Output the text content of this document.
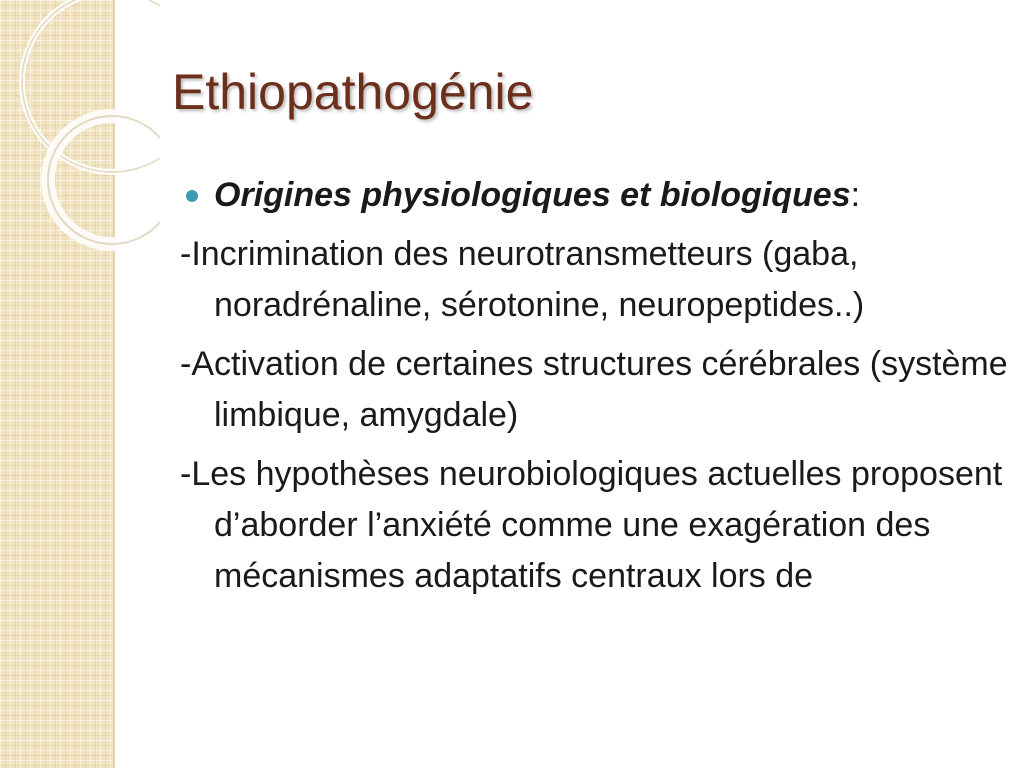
Ethiopathogénie

Origines physiologiques et biologiques:

-Incrimination des neurotransmetteurs (gaba, noradrénaline, sérotonine, neuropeptides..)

-Activation de certaines structures cérébrales (système limbique, amygdale)

-Les hypothèses neurobiologiques actuelles proposent d’aborder l’anxiété comme une exagération des mécanismes adaptatifs centraux lors de
